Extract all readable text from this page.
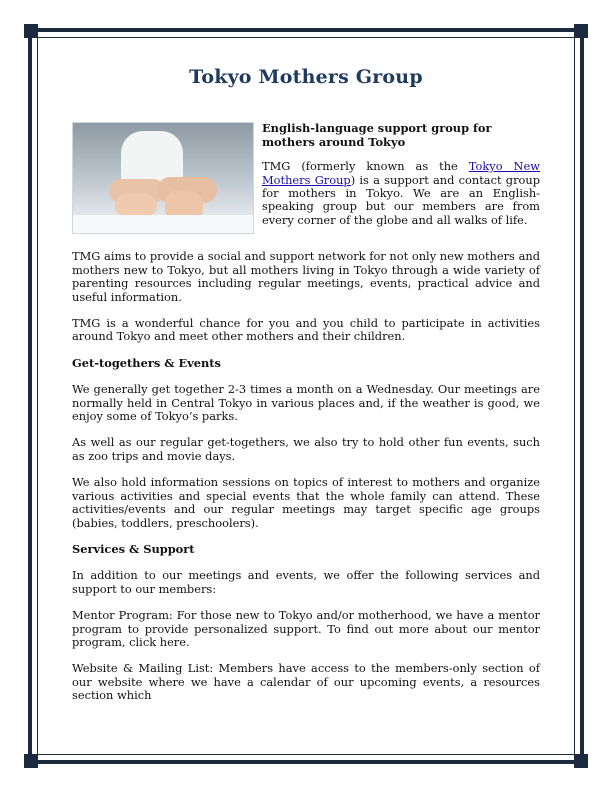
Tokyo Mothers Group
English-language support group for mothers around Tokyo

TMG (formerly known as the Tokyo New Mothers Group) is a support and contact group for mothers in Tokyo. We are an English-speaking group but our members are from every corner of the globe and all walks of life.

TMG aims to provide a social and support network for not only new mothers and mothers new to Tokyo, but all mothers living in Tokyo through a wide variety of parenting resources including regular meetings, events, practical advice and useful information.

TMG is a wonderful chance for you and you child to participate in activities around Tokyo and meet other mothers and their children.

Get-togethers & Events

We generally get together 2-3 times a month on a Wednesday. Our meetings are normally held in Central Tokyo in various places and, if the weather is good, we enjoy some of Tokyo’s parks.

As well as our regular get-togethers, we also try to hold other fun events, such as zoo trips and movie days.

We also hold information sessions on topics of interest to mothers and organize various activities and special events that the whole family can attend. These activities/events and our regular meetings may target specific age groups (babies, toddlers, preschoolers).

Services & Support

In addition to our meetings and events, we offer the following services and support to our members:

Mentor Program: For those new to Tokyo and/or motherhood, we have a mentor program to provide personalized support. To find out more about our mentor program, click here.

Website & Mailing List: Members have access to the members-only section of our website where we have a calendar of our upcoming events, a resources section which
